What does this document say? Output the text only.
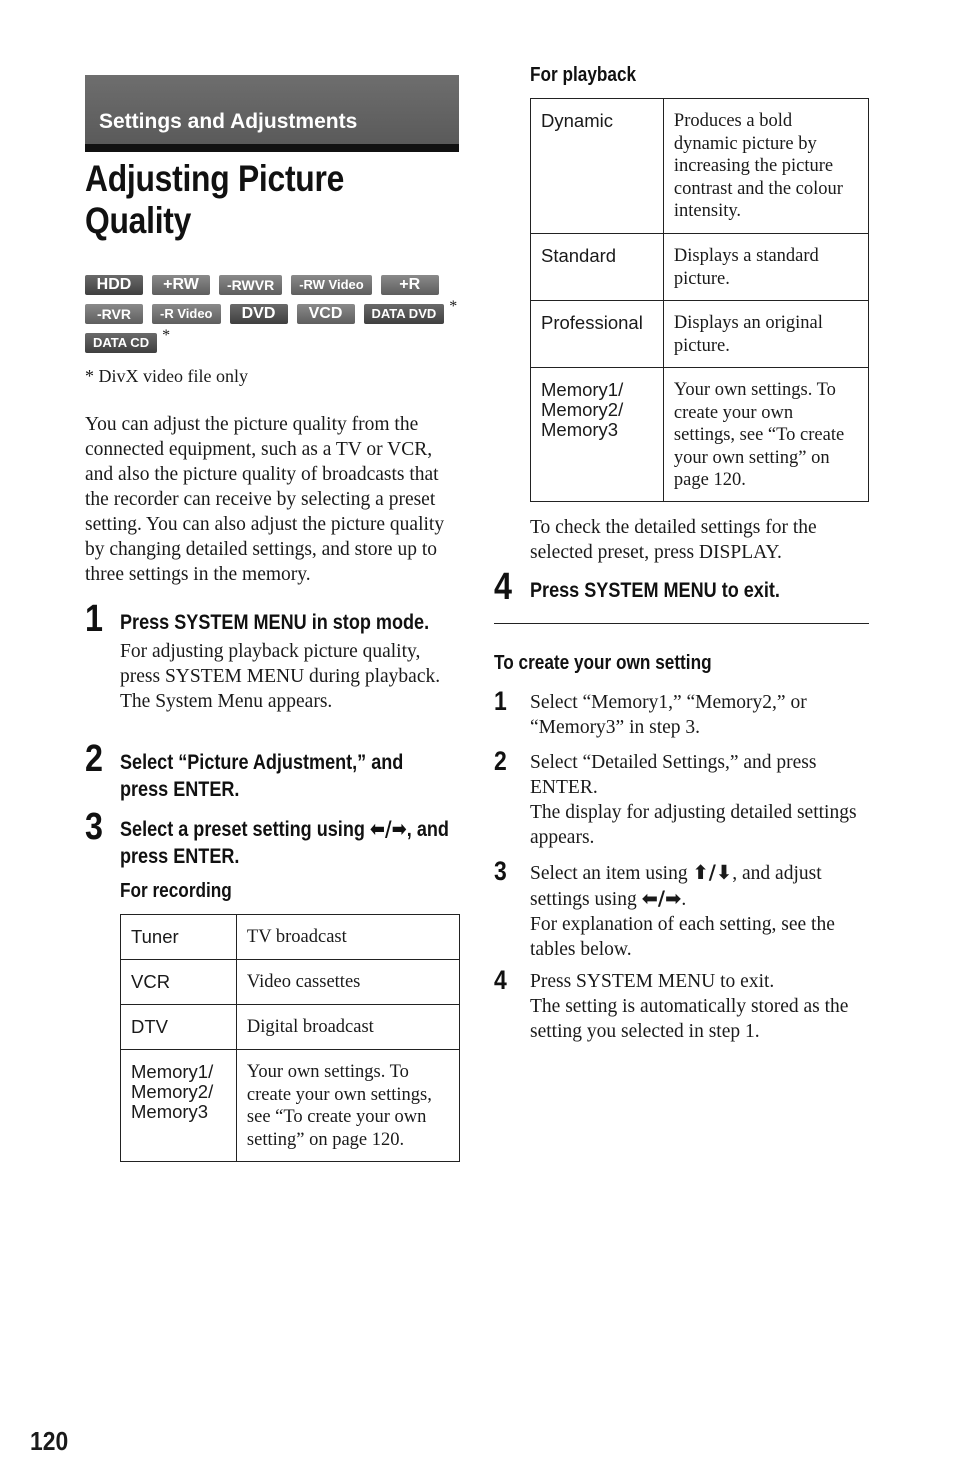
Settings and Adjustments
Adjusting Picture
Quality
HDD	+RW	-RWVR	-RW Video	+R
-RVR	-R Video	DVD	VCD	DATA DVD *
DATA CD *
* DivX video file only
You can adjust the picture quality from the connected equipment, such as a TV or VCR, and also the picture quality of broadcasts that the recorder can receive by selecting a preset setting. You can also adjust the picture quality by changing detailed settings, and store up to three settings in the memory.
1 Press SYSTEM MENU in stop mode.
For adjusting playback picture quality, press SYSTEM MENU during playback.
The System Menu appears.
2 Select “Picture Adjustment,” and press ENTER.
3 Select a preset setting using ⬅/➡, and press ENTER.
For recording
Tuner	TV broadcast
VCR	Video cassettes
DTV	Digital broadcast
Memory1/
Memory2/
Memory3	Your own settings. To create your own settings, see “To create your own setting” on page 120.
For playback
Dynamic	Produces a bold dynamic picture by increasing the picture contrast and the colour intensity.
Standard	Displays a standard picture.
Professional	Displays an original picture.
Memory1/
Memory2/
Memory3	Your own settings. To create your own settings, see “To create your own setting” on page 120.
To check the detailed settings for the selected preset, press DISPLAY.
4 Press SYSTEM MENU to exit.
To create your own setting
1 Select “Memory1,” “Memory2,” or “Memory3” in step 3.
2 Select “Detailed Settings,” and press ENTER.
The display for adjusting detailed settings appears.
3 Select an item using ⬆/⬇, and adjust settings using ⬅/➡.
For explanation of each setting, see the tables below.
4 Press SYSTEM MENU to exit.
The setting is automatically stored as the setting you selected in step 1.
120
